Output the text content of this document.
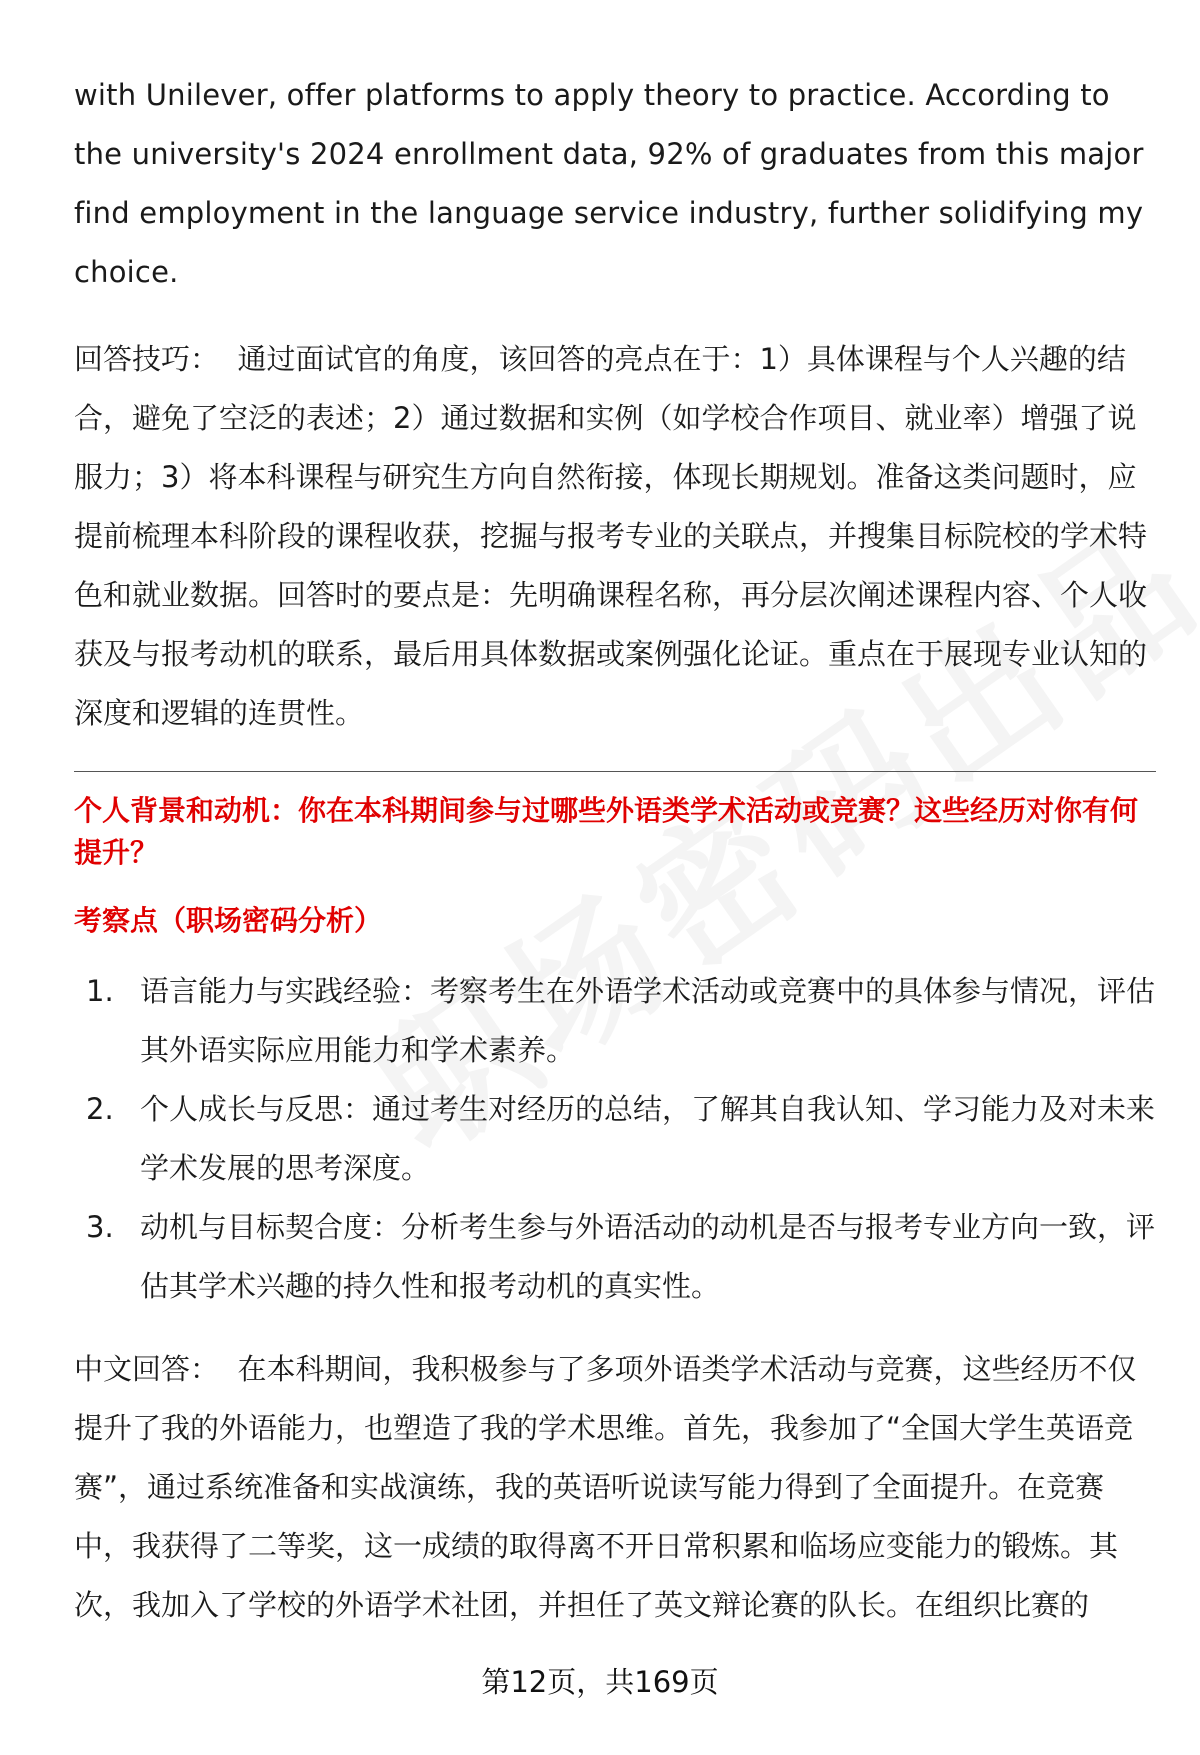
with Unilever, offer platforms to apply theory to practice. According to the university's 2024 enrollment data, 92% of graduates from this major find employment in the language service industry, further solidifying my choice.

回答技巧： 通过面试官的角度，该回答的亮点在于：1）具体课程与个人兴趣的结合，避免了空泛的表述；2）通过数据和实例（如学校合作项目、就业率）增强了说服力；3）将本科课程与研究生方向自然衔接，体现长期规划。准备这类问题时，应提前梳理本科阶段的课程收获，挖掘与报考专业的关联点，并搜集目标院校的学术特色和就业数据。回答时的要点是：先明确课程名称，再分层次阐述课程内容、个人收获及与报考动机的联系，最后用具体数据或案例强化论证。重点在于展现专业认知的深度和逻辑的连贯性。

个人背景和动机：你在本科期间参与过哪些外语类学术活动或竞赛？这些经历对你有何提升？

考察点（职场密码分析）

1. 语言能力与实践经验：考察考生在外语学术活动或竞赛中的具体参与情况，评估其外语实际应用能力和学术素养。
2. 个人成长与反思：通过考生对经历的总结，了解其自我认知、学习能力及对未来学术发展的思考深度。
3. 动机与目标契合度：分析考生参与外语活动的动机是否与报考专业方向一致，评估其学术兴趣的持久性和报考动机的真实性。

中文回答： 在本科期间，我积极参与了多项外语类学术活动与竞赛，这些经历不仅提升了我的外语能力，也塑造了我的学术思维。首先，我参加了“全国大学生英语竞赛”，通过系统准备和实战演练，我的英语听说读写能力得到了全面提升。在竞赛中，我获得了二等奖，这一成绩的取得离不开日常积累和临场应变能力的锻炼。其次，我加入了学校的外语学术社团，并担任了英文辩论赛的队长。在组织比赛的

第12页，共169页
